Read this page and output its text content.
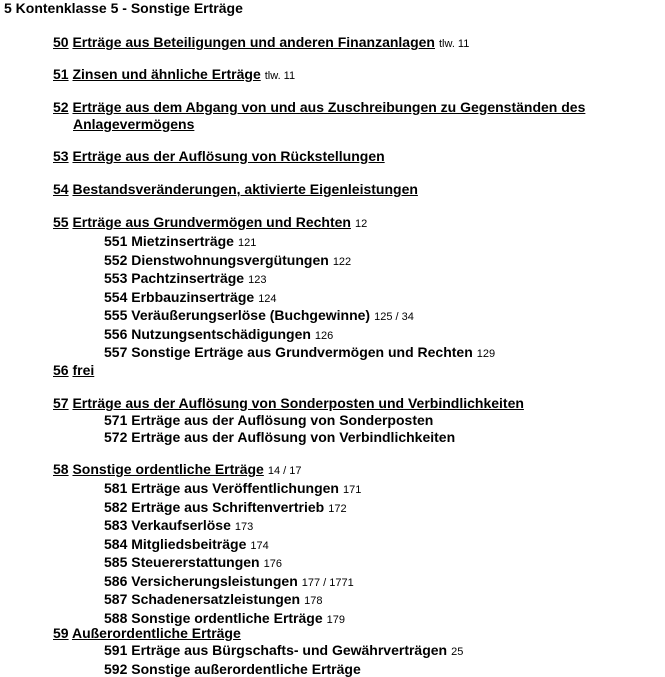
5 Kontenklasse 5 - Sonstige Erträge
50 Erträge aus Beteiligungen und anderen Finanzanlagen tlw. 11
51 Zinsen und ähnliche Erträge tlw. 11
52 Erträge aus dem Abgang von und aus Zuschreibungen zu Gegenständen des
Anlagevermögens
53 Erträge aus der Auflösung von Rückstellungen
54 Bestandsveränderungen, aktivierte Eigenleistungen
55 Erträge aus Grundvermögen und Rechten 12
551 Mietzinserträge 121
552 Dienstwohnungsvergütungen 122
553 Pachtzinserträge 123
554 Erbbauzinserträge 124
555 Veräußerungserlöse (Buchgewinne) 125 / 34
556 Nutzungsentschädigungen 126
557 Sonstige Erträge aus Grundvermögen und Rechten 129
56 frei
57 Erträge aus der Auflösung von Sonderposten und Verbindlichkeiten
571 Erträge aus der Auflösung von Sonderposten
572 Erträge aus der Auflösung von Verbindlichkeiten
58 Sonstige ordentliche Erträge 14 / 17
581 Erträge aus Veröffentlichungen 171
582 Erträge aus Schriftenvertrieb 172
583 Verkaufserlöse 173
584 Mitgliedsbeiträge 174
585 Steuererstattungen 176
586 Versicherungsleistungen 177 / 1771
587 Schadenersatzleistungen 178
588 Sonstige ordentliche Erträge 179
59 Außerordentliche Erträge
591 Erträge aus Bürgschafts- und Gewährverträgen 25
592 Sonstige außerordentliche Erträge
